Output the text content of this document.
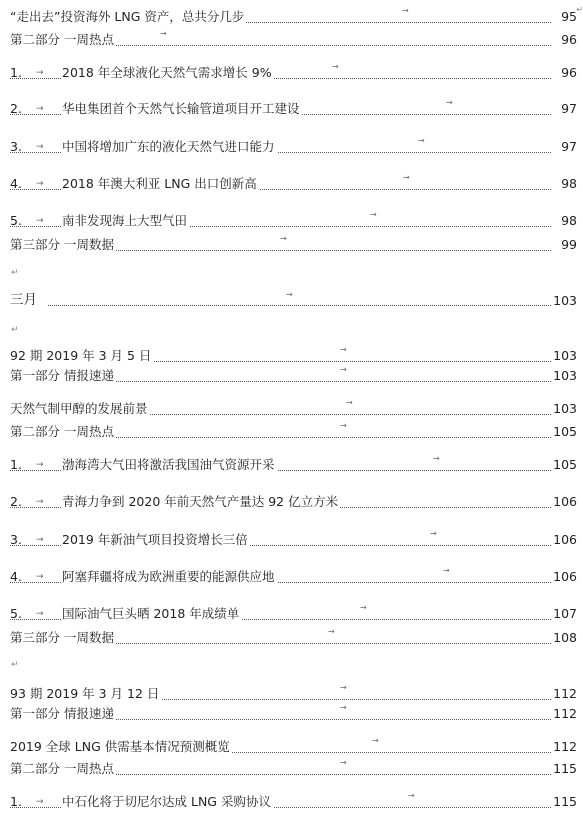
“走出去”投资海外 LNG 资产，总共分几步	→	95 ↵
第二部分 一周热点	→	96
1. → 2018 年全球液化天然气需求增长 9%	→	96
2. → 华电集团首个天然气长输管道项目开工建设	→	97
3. → 中国将增加广东的液化天然气进口能力	→	97
4. → 2018 年澳大利亚 LNG 出口创新高	→	98
5. → 南非发现海上大型气田	→	98
第三部分 一周数据	→	99
↵
三月	→	103
↵
92 期 2019 年 3 月 5 日	→	103
第一部分 情报速递	→	103
天然气制甲醇的发展前景	→	103
第二部分 一周热点	→	105
1. → 渤海湾大气田将激活我国油气资源开采	→	105
2. → 青海力争到 2020 年前天然气产量达 92 亿立方米	106
3. → 2019 年新油气项目投资增长三倍	→	106
4. → 阿塞拜疆将成为欧洲重要的能源供应地	→	106
5. → 国际油气巨头晒 2018 年成绩单	→	107
第三部分 一周数据	→	108
↵
93 期 2019 年 3 月 12 日	→	112
第一部分 情报速递	→	112
2019 全球 LNG 供需基本情况预测概览	→	112
第二部分 一周热点	→	115
1. → 中石化将于切尼尔达成 LNG 采购协议	→	115
